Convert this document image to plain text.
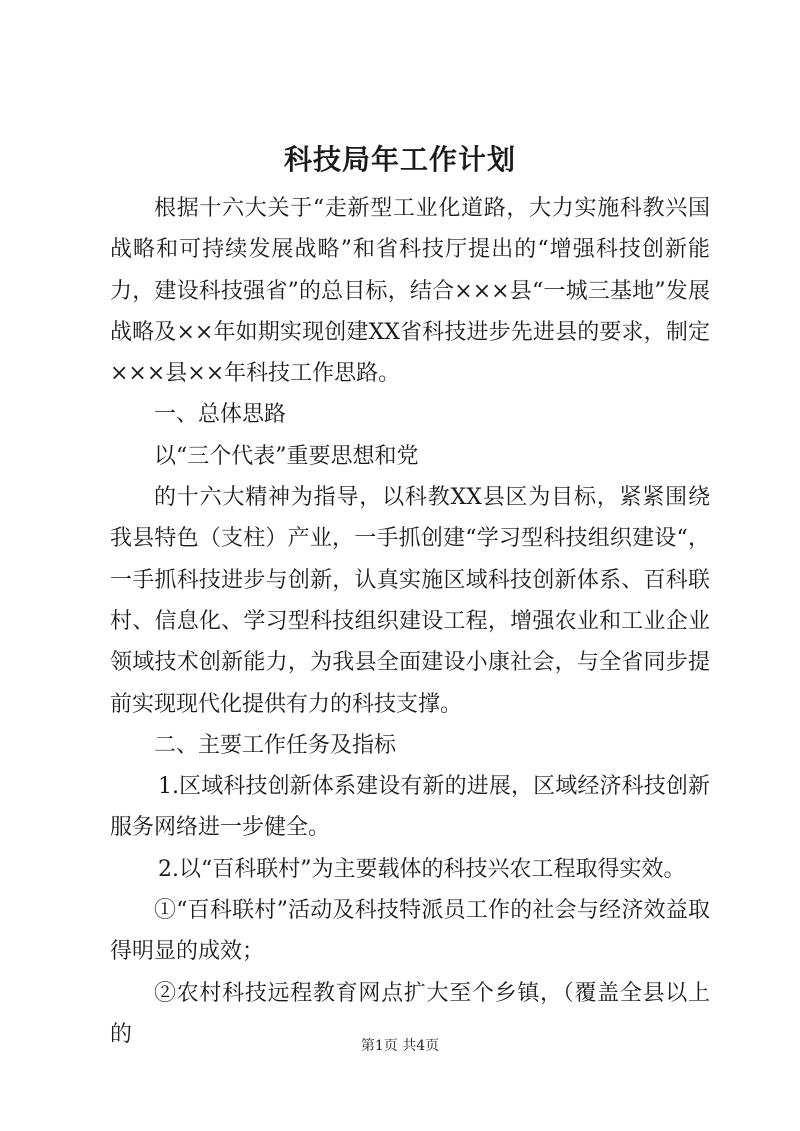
科技局年工作计划

根据十六大关于“走新型工业化道路，大力实施科教兴国战略和可持续发展战略”和省科技厅提出的“增强科技创新能力，建设科技强省”的总目标，结合×××县“一城三基地”发展战略及××年如期实现创建XX省科技进步先进县的要求，制定×××县××年科技工作思路。

一、总体思路

以“三个代表”重要思想和党

的十六大精神为指导，以科教XX县区为目标，紧紧围绕我县特色（支柱）产业，一手抓创建“学习型科技组织建设“，一手抓科技进步与创新，认真实施区域科技创新体系、百科联村、信息化、学习型科技组织建设工程，增强农业和工业企业领域技术创新能力，为我县全面建设小康社会，与全省同步提前实现现代化提供有力的科技支撑。

二、主要工作任务及指标

1.区域科技创新体系建设有新的进展，区域经济科技创新服务网络进一步健全。

2.以“百科联村”为主要载体的科技兴农工程取得实效。

①“百科联村”活动及科技特派员工作的社会与经济效益取得明显的成效；

②农村科技远程教育网点扩大至个乡镇，（覆盖全县以上的	第1页 共4页
